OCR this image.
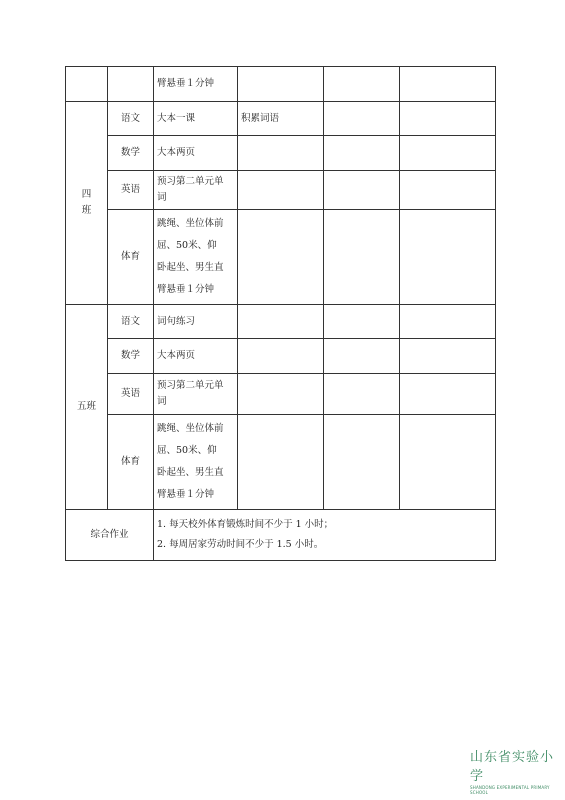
		臂悬垂１分钟			

四
班	语文	大本一课	积累词语		
	数学	大本两页			
	英语	预习第二单元单
词			
	体育	跳绳、坐位体前
屈、50米、仰
卧起坐、男生直
臂悬垂１分钟			
五班	语文	词句练习			
	数学	大本两页			
	英语	预习第二单元单
词			
	体育	跳绳、坐位体前
屈、50米、仰
卧起坐、男生直
臂悬垂１分钟			
综合作业		1. 每天校外体育锻炼时间不少于 1 小时；
2. 每周居家劳动时间不少于 1.5 小时。			
山东省实验小学
SHANDONG EXPERIMENTAL PRIMARY SCHOOL
